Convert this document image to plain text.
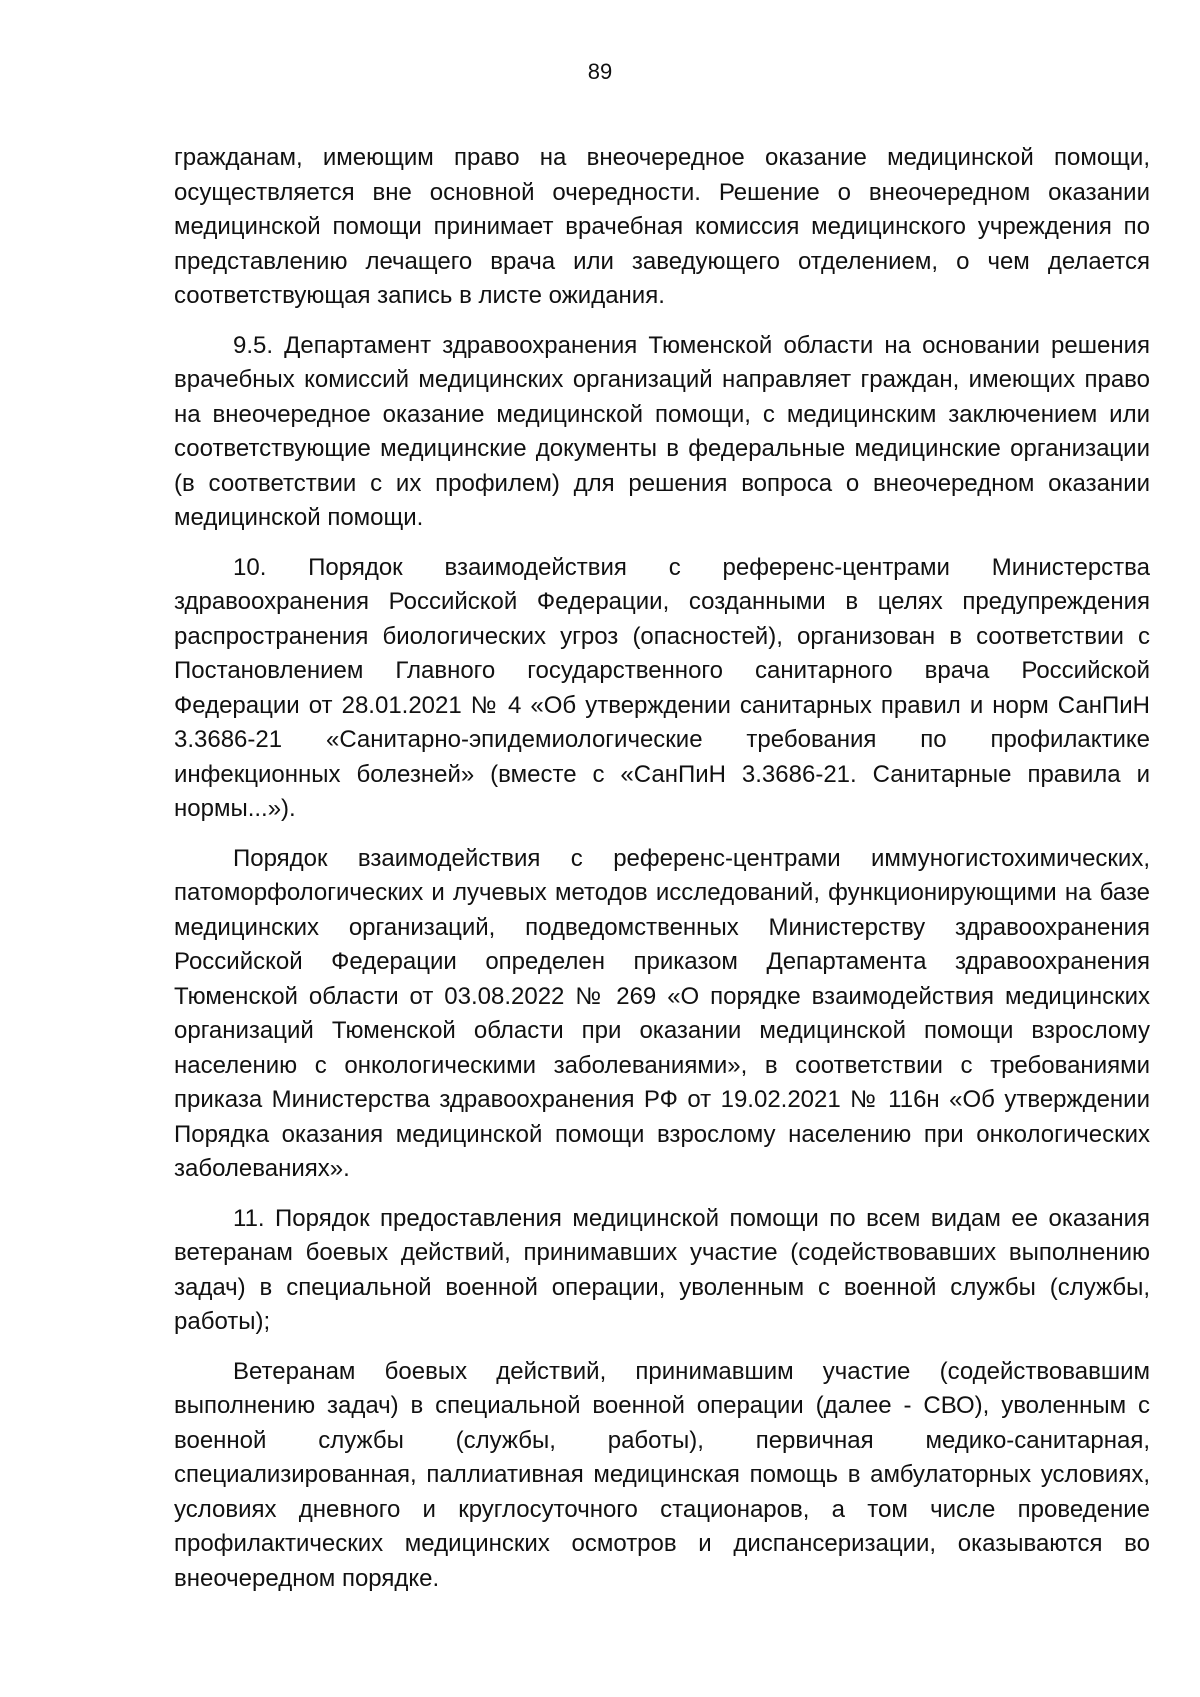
89

гражданам, имеющим право на внеочередное оказание медицинской помощи, осуществляется вне основной очередности. Решение о внеочередном оказании медицинской помощи принимает врачебная комиссия медицинского учреждения по представлению лечащего врача или заведующего отделением, о чем делается соответствующая запись в листе ожидания.

9.5. Департамент здравоохранения Тюменской области на основании решения врачебных комиссий медицинских организаций направляет граждан, имеющих право на внеочередное оказание медицинской помощи, с медицинским заключением или соответствующие медицинские документы в федеральные медицинские организации (в соответствии с их профилем) для решения вопроса о внеочередном оказании медицинской помощи.

10. Порядок взаимодействия с референс-центрами Министерства здравоохранения Российской Федерации, созданными в целях предупреждения распространения биологических угроз (опасностей), организован в соответствии с Постановлением Главного государственного санитарного врача Российской Федерации от 28.01.2021 № 4 «Об утверждении санитарных правил и норм СанПиН 3.3686-21 «Санитарно-эпидемиологические требования по профилактике инфекционных болезней» (вместе с «СанПиН 3.3686-21. Санитарные правила и нормы...»).

Порядок взаимодействия с референс-центрами иммуногистохимических, патоморфологических и лучевых методов исследований, функционирующими на базе медицинских организаций, подведомственных Министерству здравоохранения Российской Федерации определен приказом Департамента здравоохранения Тюменской области от 03.08.2022 № 269 «О порядке взаимодействия медицинских организаций Тюменской области при оказании медицинской помощи взрослому населению с онкологическими заболеваниями», в соответствии с требованиями приказа Министерства здравоохранения РФ от 19.02.2021 № 116н «Об утверждении Порядка оказания медицинской помощи взрослому населению при онкологических заболеваниях».

11. Порядок предоставления медицинской помощи по всем видам ее оказания ветеранам боевых действий, принимавших участие (содействовавших выполнению задач) в специальной военной операции, уволенным с военной службы (службы, работы);

Ветеранам боевых действий, принимавшим участие (содействовавшим выполнению задач) в специальной военной операции (далее - СВО), уволенным с военной службы (службы, работы), первичная медико-санитарная, специализированная, паллиативная медицинская помощь в амбулаторных условиях, условиях дневного и круглосуточного стационаров, а том числе проведение профилактических медицинских осмотров и диспансеризации, оказываются во внеочередном порядке.
